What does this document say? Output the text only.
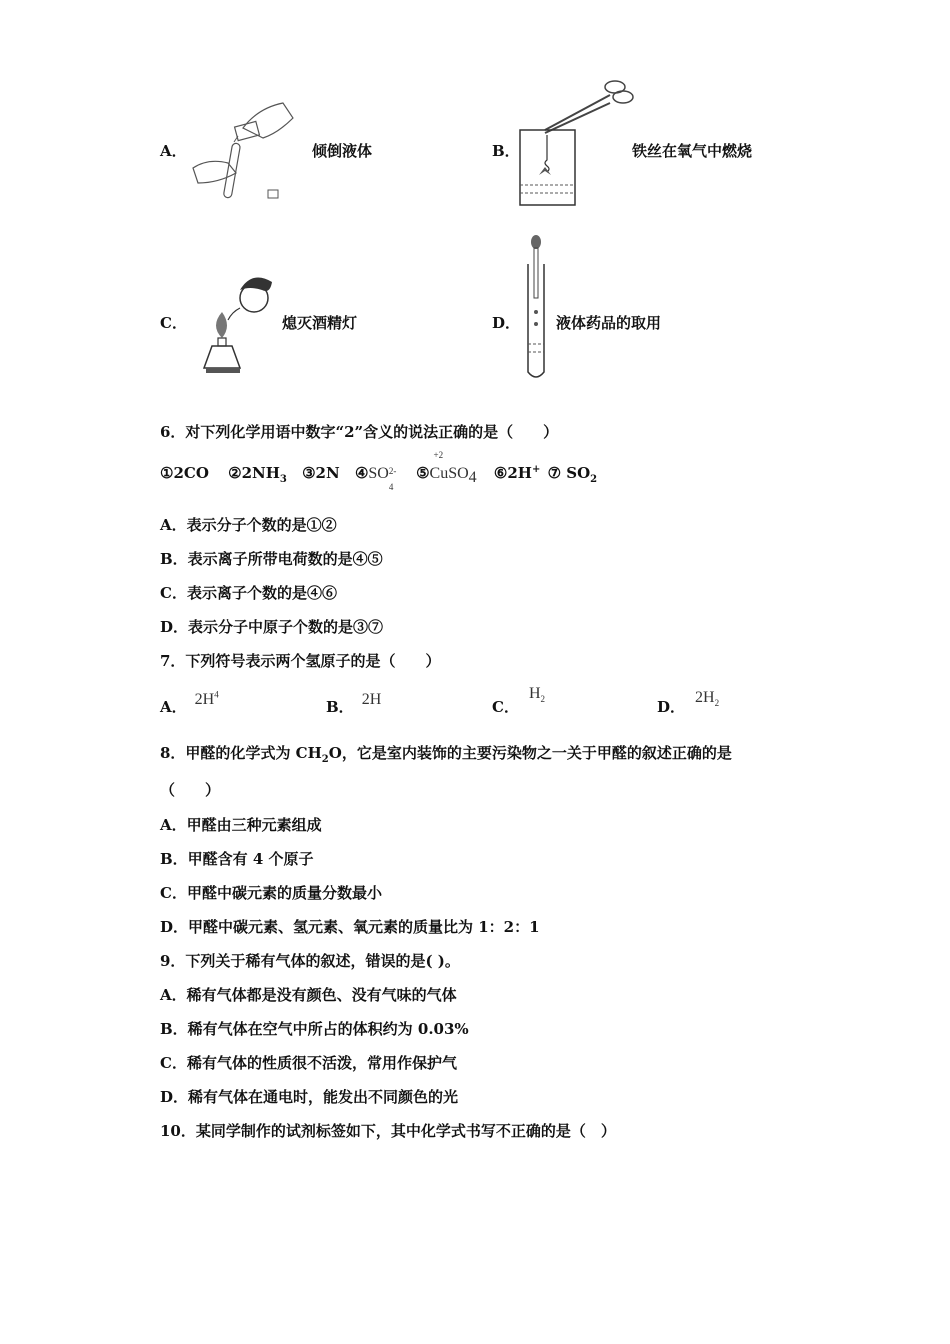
A．	倾倒液体	B．	铁丝在氧气中燃烧
C．	熄灭酒精灯	D． 液体药品的取用
6．对下列化学用语中数字“2”含义的说法正确的是（　　）
①2CO $②2NH_3$ ③2N ④SO 2-
4
⑤
+2
CuSO$_4$ ⑥2H+ ⑦ $SO_2$
A．表示分子个数的是①②
B．表示离子所带电荷数的是④⑤
C．表示离子个数的是④⑥
D．表示分子中原子个数的是③⑦
7．下列符号表示两个氢原子的是（　　）
A． $2H^4$
B． 2H	C．$H_2$	D．$2H_2$
8．甲醛的化学式为 $CH_2O$，它是室内装饰的主要污染物之一关于甲醛的叙述正确的是
（　　）
A．甲醛由三种元素组成
B．甲醛含有 4 个原子
C．甲醛中碳元素的质量分数最小
D．甲醛中碳元素、氢元素、氧元素的质量比为 1：2：1
9．下列关于稀有气体的叙述，错误的是( )。
A．稀有气体都是没有颜色、没有气味的气体
B．稀有气体在空气中所占的体积约为 0.03%
C．稀有气体的性质很不活泼，常用作保护气
D．稀有气体在通电时，能发出不同颜色的光
10．某同学制作的试剂标签如下，其中化学式书写不正确的是（　）
